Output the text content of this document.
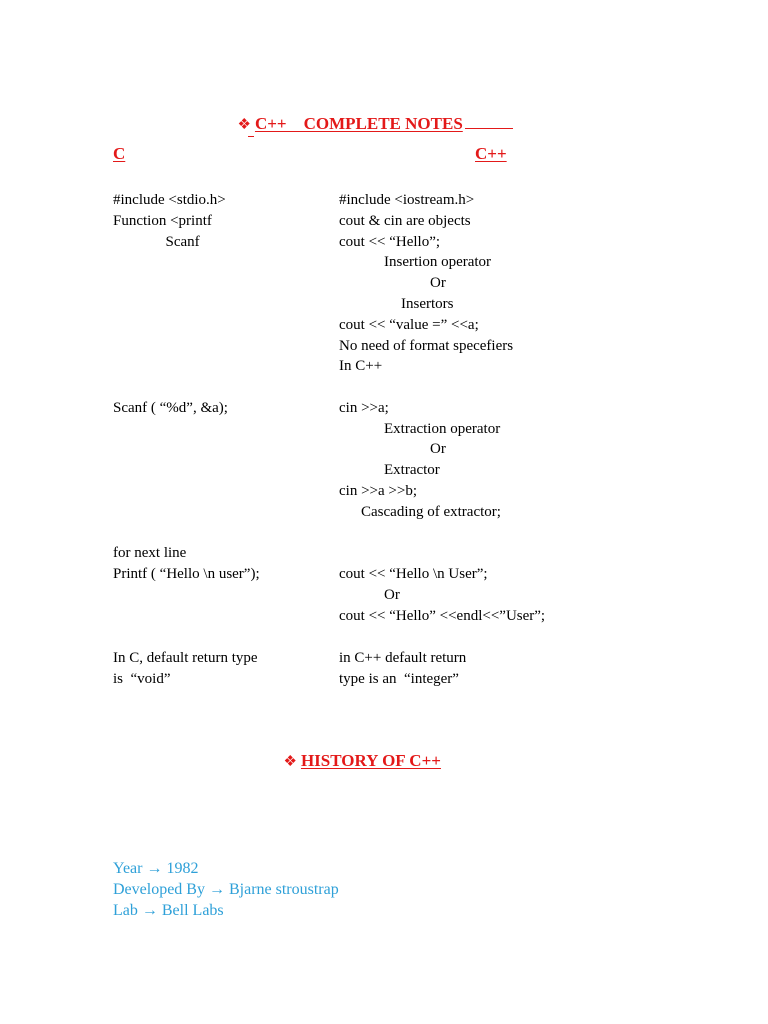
❖ C++    COMPLETE NOTES

C	C++
#include <stdio.h>
Function <printf
Scanf
Scanf ( “%d”, &a);
for next line
Printf ( “Hello \n user”);
In C, default return type
is  “void”
#include <iostream.h>
cout & cin are objects
cout << “Hello”;
Insertion operator
Or
Insertors
cout << “value =” <<a;
No need of format specefiers
In C++
cin >>a;
Extraction operator
Or
Extractor
cin >>a >>b;
Cascading of extractor;
cout << “Hello \n User”;
Or
cout << “Hello” <<endl<<”User”;
in C++ default return
type is an  “integer”

❖ HISTORY OF C++

Year → 1982
Developed By → Bjarne stroustrap
Lab → Bell Labs
